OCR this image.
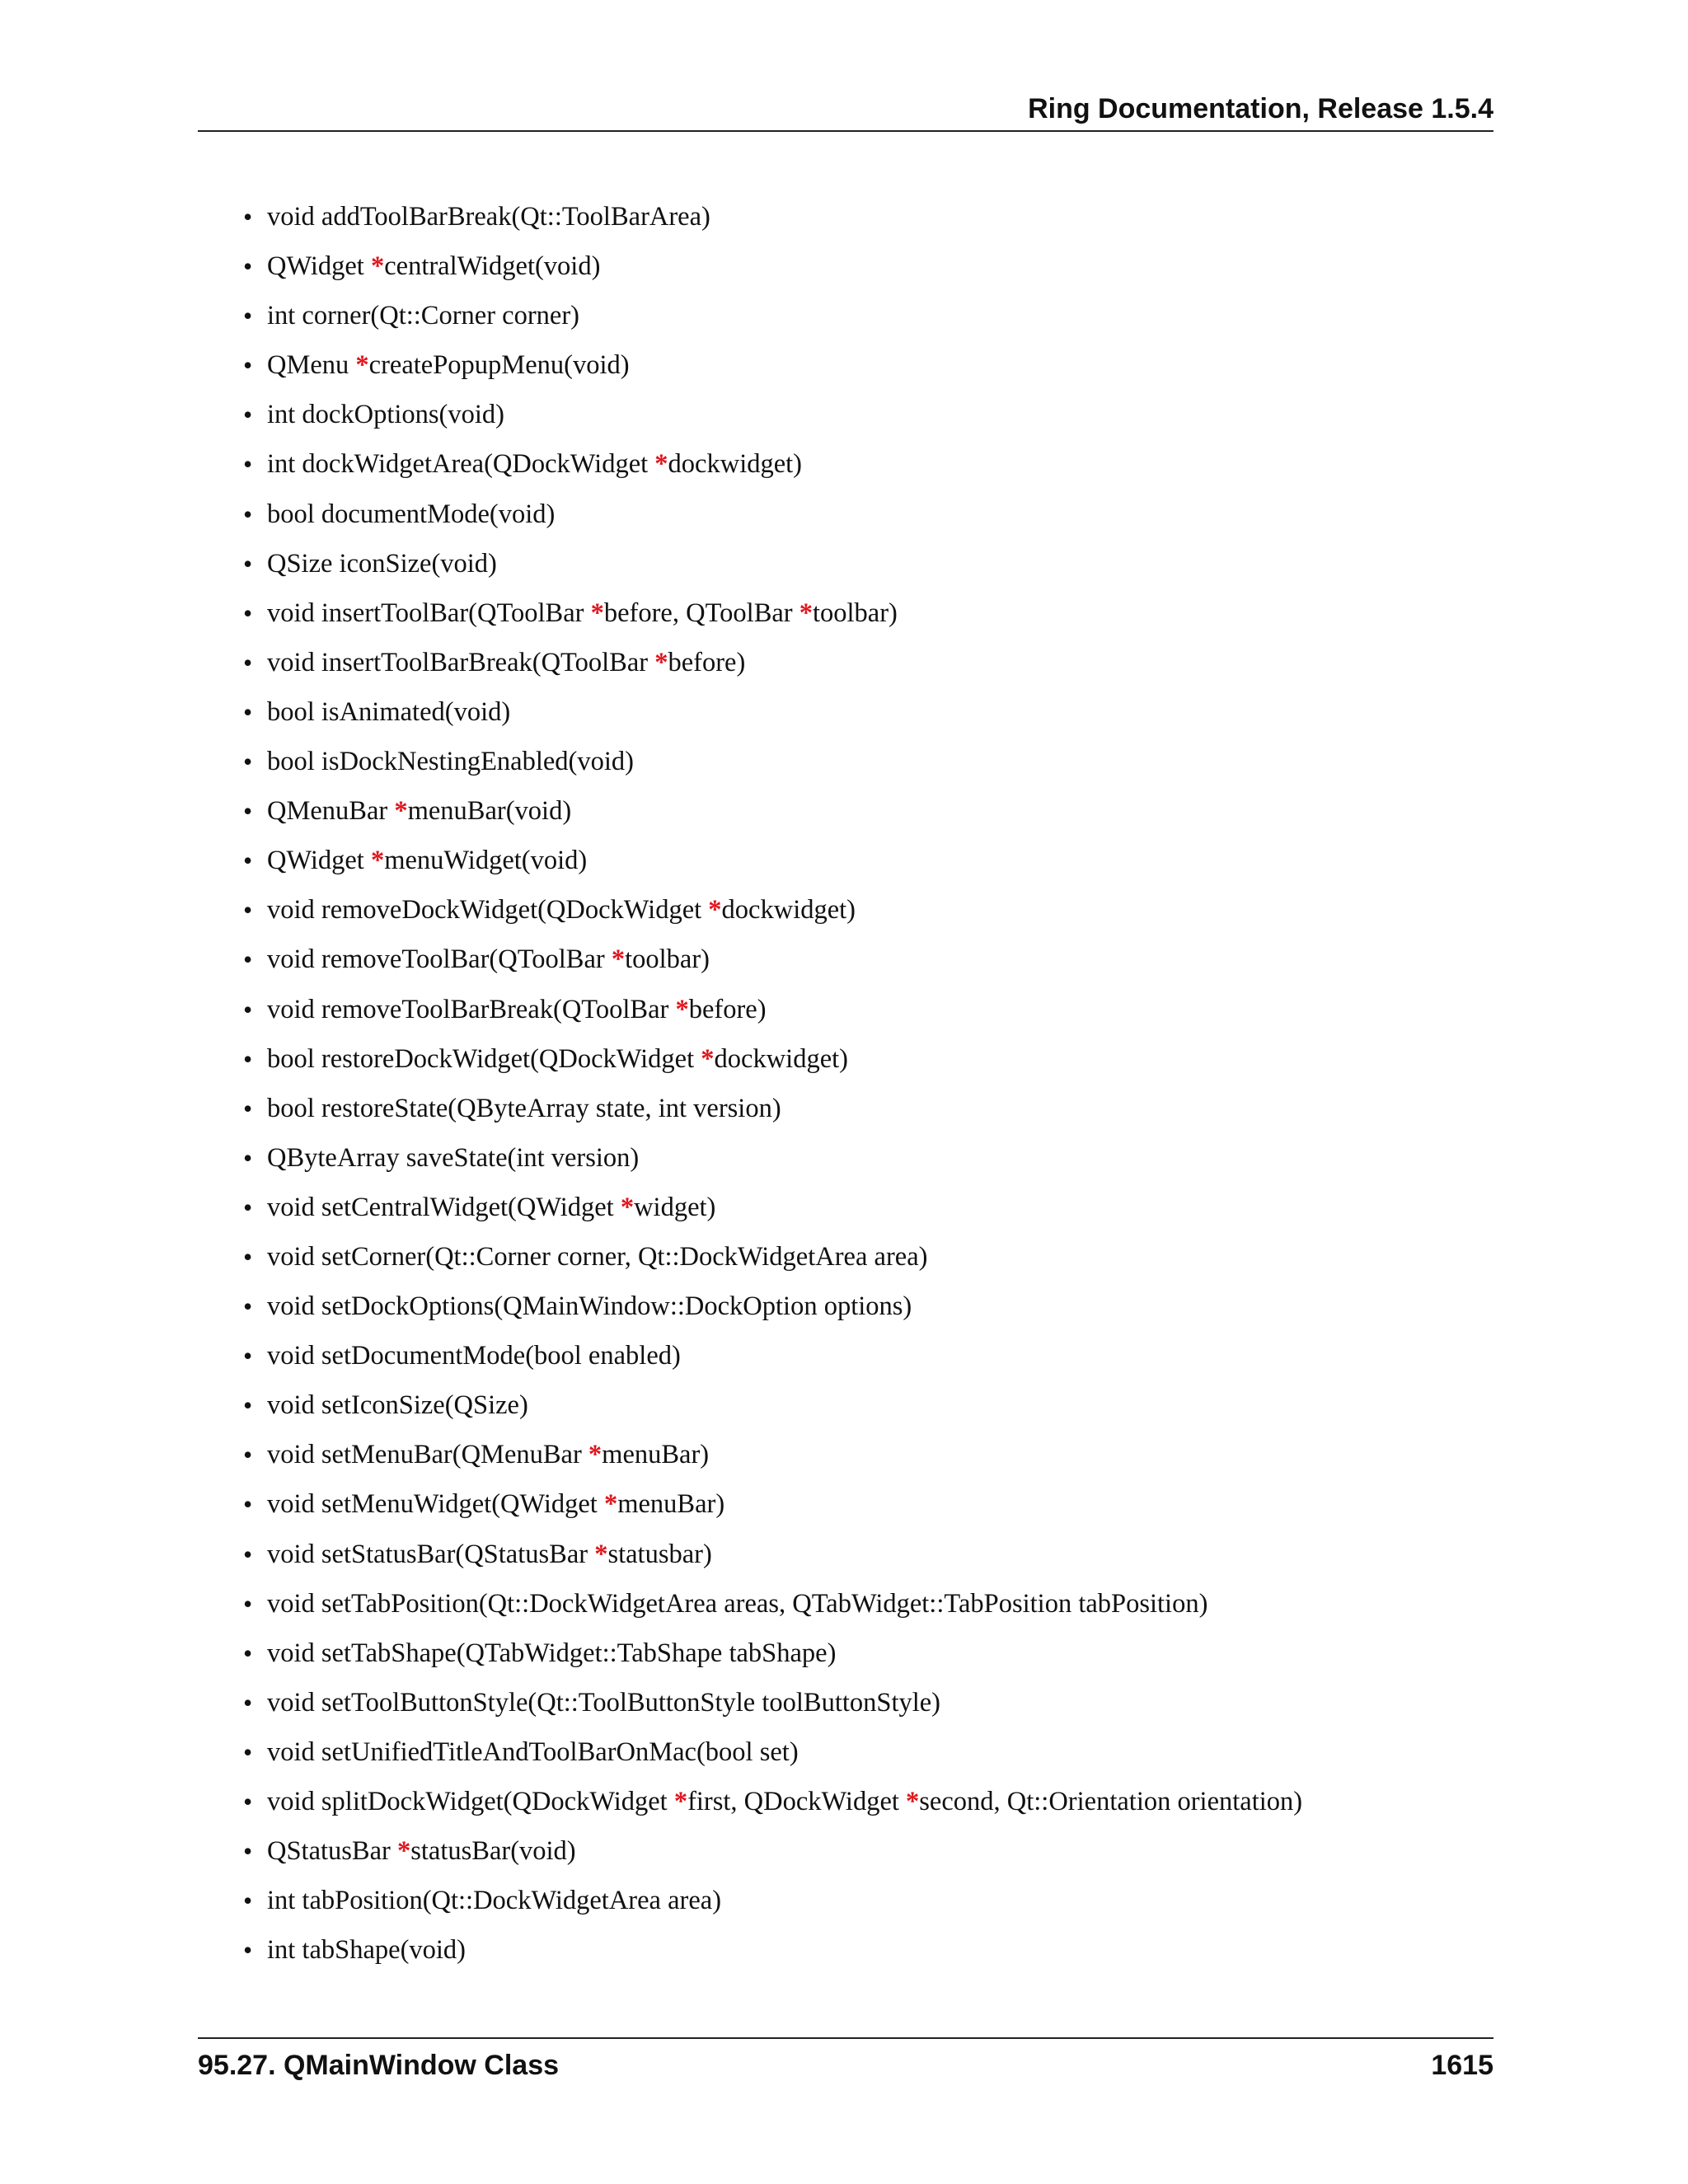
Ring Documentation, Release 1.5.4
• void addToolBarBreak(Qt::ToolBarArea)
• QWidget *centralWidget(void)
• int corner(Qt::Corner corner)
• QMenu *createPopupMenu(void)
• int dockOptions(void)
• int dockWidgetArea(QDockWidget *dockwidget)
• bool documentMode(void)
• QSize iconSize(void)
• void insertToolBar(QToolBar *before, QToolBar *toolbar)
• void insertToolBarBreak(QToolBar *before)
• bool isAnimated(void)
• bool isDockNestingEnabled(void)
• QMenuBar *menuBar(void)
• QWidget *menuWidget(void)
• void removeDockWidget(QDockWidget *dockwidget)
• void removeToolBar(QToolBar *toolbar)
• void removeToolBarBreak(QToolBar *before)
• bool restoreDockWidget(QDockWidget *dockwidget)
• bool restoreState(QByteArray state, int version)
• QByteArray saveState(int version)
• void setCentralWidget(QWidget *widget)
• void setCorner(Qt::Corner corner, Qt::DockWidgetArea area)
• void setDockOptions(QMainWindow::DockOption options)
• void setDocumentMode(bool enabled)
• void setIconSize(QSize)
• void setMenuBar(QMenuBar *menuBar)
• void setMenuWidget(QWidget *menuBar)
• void setStatusBar(QStatusBar *statusbar)
• void setTabPosition(Qt::DockWidgetArea areas, QTabWidget::TabPosition tabPosition)
• void setTabShape(QTabWidget::TabShape tabShape)
• void setToolButtonStyle(Qt::ToolButtonStyle toolButtonStyle)
• void setUnifiedTitleAndToolBarOnMac(bool set)
• void splitDockWidget(QDockWidget *first, QDockWidget *second, Qt::Orientation orientation)
• QStatusBar *statusBar(void)
• int tabPosition(Qt::DockWidgetArea area)
• int tabShape(void)
95.27. QMainWindow Class	1615
